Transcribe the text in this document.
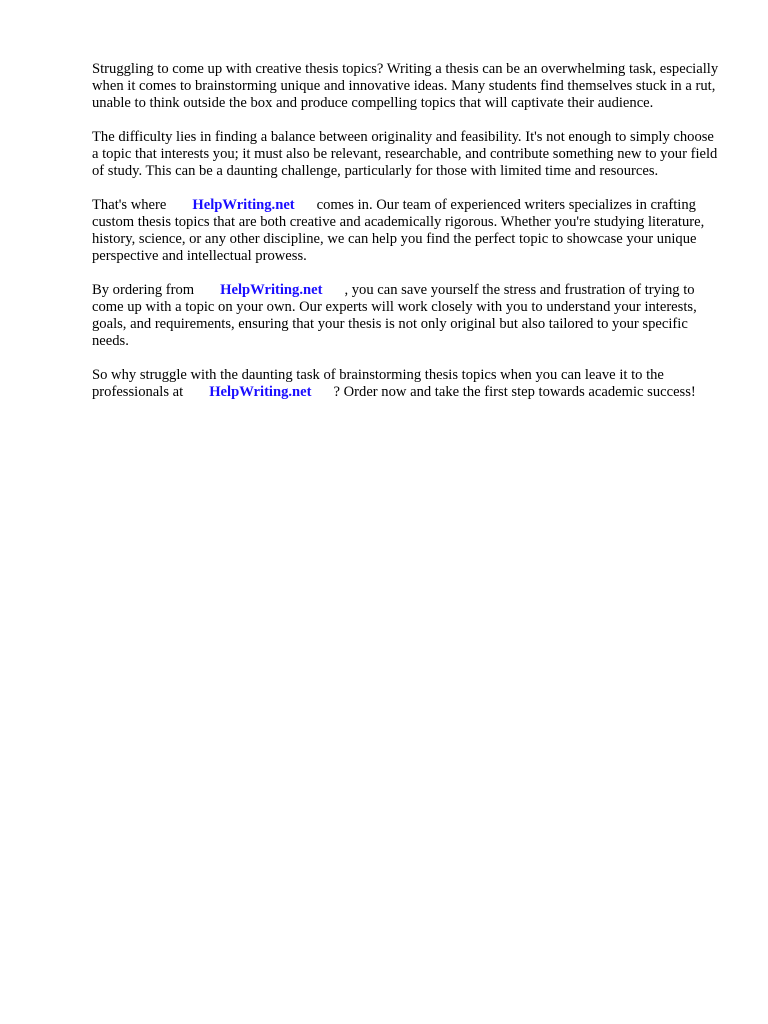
Struggling to come up with creative thesis topics? Writing a thesis can be an overwhelming task, especially when it comes to brainstorming unique and innovative ideas. Many students find themselves stuck in a rut, unable to think outside the box and produce compelling topics that will captivate their audience.

The difficulty lies in finding a balance between originality and feasibility. It's not enough to simply choose a topic that interests you; it must also be relevant, researchable, and contribute something new to your field of study. This can be a daunting challenge, particularly for those with limited time and resources.

That's where HelpWriting.net comes in. Our team of experienced writers specializes in crafting custom thesis topics that are both creative and academically rigorous. Whether you're studying literature, history, science, or any other discipline, we can help you find the perfect topic to showcase your unique perspective and intellectual prowess.

By ordering from HelpWriting.net , you can save yourself the stress and frustration of trying to come up with a topic on your own. Our experts will work closely with you to understand your interests, goals, and requirements, ensuring that your thesis is not only original but also tailored to your specific needs.

So why struggle with the daunting task of brainstorming thesis topics when you can leave it to the professionals at HelpWriting.net ? Order now and take the first step towards academic success!
